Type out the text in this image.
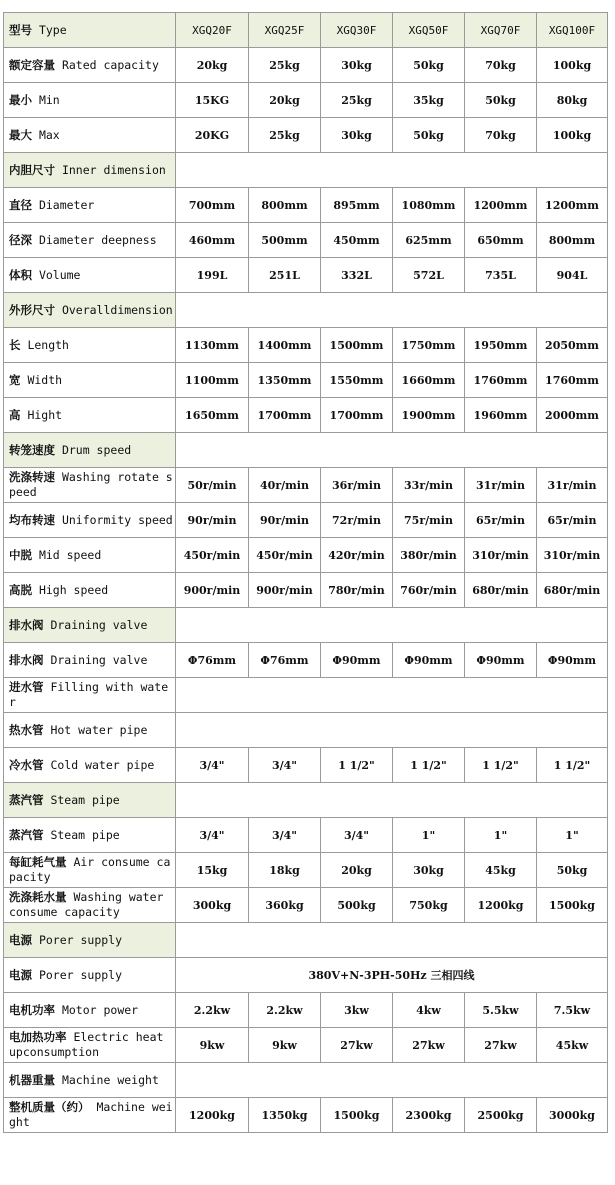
型号 Type	XGQ20F	XGQ25F	XGQ30F	XGQ50F	XGQ70F	XGQ100F
额定容量 Rated capacity	20kg	25kg	30kg	50kg	70kg	100kg
最小 Min	15KG	20kg	25kg	35kg	50kg	80kg
最大 Max	20KG	25kg	30kg	50kg	70kg	100kg
内胆尺寸 Inner dimension						
直径 Diameter	700mm	800mm	895mm	1080mm	1200mm	1200mm
径深 Diameter deepness	460mm	500mm	450mm	625mm	650mm	800mm
体积 Volume	199L	251L	332L	572L	735L	904L
外形尺寸 Overalldimension						
长 Length	1130mm	1400mm	1500mm	1750mm	1950mm	2050mm
宽 Width	1100mm	1350mm	1550mm	1660mm	1760mm	1760mm
高 Hight	1650mm	1700mm	1700mm	1900mm	1960mm	2000mm
转笼速度 Drum speed						
洗涤转速 Washing rotate speed	50r/min	40r/min	36r/min	33r/min	31r/min	31r/min
均布转速 Uniformity speed	90r/min	90r/min	72r/min	75r/min	65r/min	65r/min
中脱 Mid speed	450r/min	450r/min	420r/min	380r/min	310r/min	310r/min
高脱 High speed	900r/min	900r/min	780r/min	760r/min	680r/min	680r/min
排水阀 Draining valve						
排水阀 Draining valve	Φ76mm	Φ76mm	Φ90mm	Φ90mm	Φ90mm	Φ90mm
进水管 Filling with water						
热水管 Hot water pipe						
冷水管 Cold water pipe	3/4"	3/4"	1 1/2"	1 1/2"	1 1/2"	1 1/2"
蒸汽管 Steam pipe						
蒸汽管 Steam pipe	3/4"	3/4"	3/4"	1"	1"	1"
每缸耗气量 Air consume capacity	15kg	18kg	20kg	30kg	45kg	50kg
洗涤耗水量 Washing water consume capacity	300kg	360kg	500kg	750kg	1200kg	1500kg
电源 Porer supply						
电源 Porer supply	380V+N-3PH-50Hz 三相四线					
电机功率 Motor power	2.2kw	2.2kw	3kw	4kw	5.5kw	7.5kw
电加热功率 Electric heat upconsumption	9kw	9kw	27kw	27kw	27kw	45kw
机器重量 Machine weight						
整机质量（约） Machine weight	1200kg	1350kg	1500kg	2300kg	2500kg	3000kg
